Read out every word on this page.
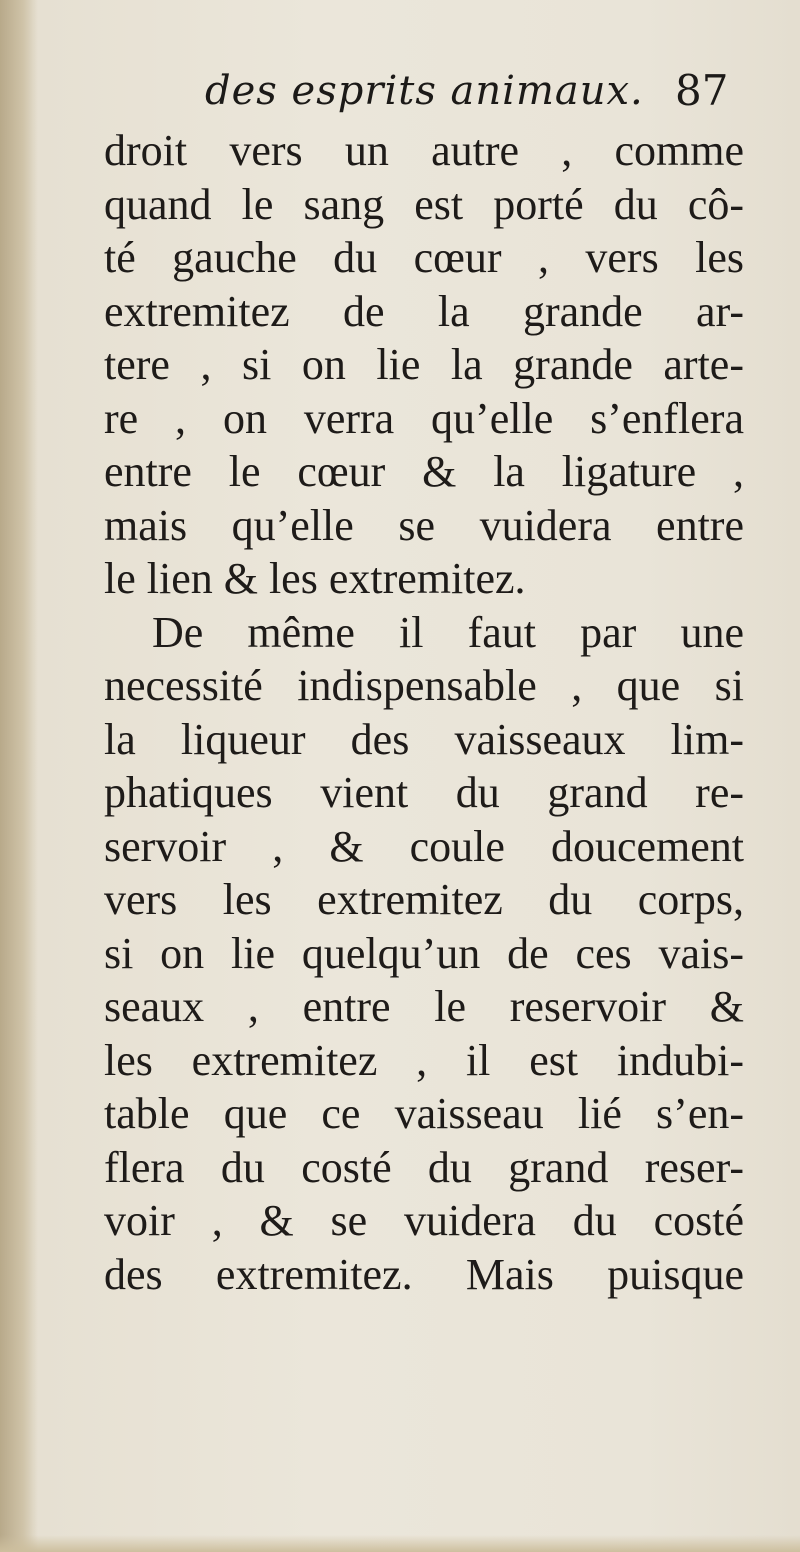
des esprits animaux. 87
droit vers un autre , comme
quand le sang est porté du cô-
té gauche du cœur , vers les
extremitez de la grande ar-
tere , si on lie la grande arte-
re , on verra qu’elle s’enflera
entre le cœur & la ligature ,
mais qu’elle se vuidera entre
le lien & les extremitez.
De même il faut par une
necessité indispensable , que si
la liqueur des vaisseaux lim-
phatiques vient du grand re-
servoir , & coule doucement
vers les extremitez du corps,
si on lie quelqu’un de ces vais-
seaux , entre le reservoir &
les extremitez , il est indubi-
table que ce vaisseau lié s’en-
flera du costé du grand reser-
voir , & se vuidera du costé
des extremitez. Mais puisque
